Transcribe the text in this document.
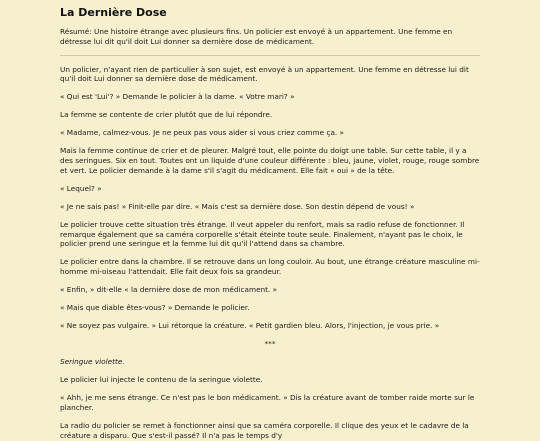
La Dernière Dose

Résumé: Une histoire étrange avec plusieurs fins. Un policier est envoyé à un appartement. Une femme en détresse lui dit qu'il doit Lui donner sa dernière dose de médicament.

Un policier, n'ayant rien de particulier à son sujet, est envoyé à un appartement. Une femme en détresse lui dit qu'il doit Lui donner sa dernière dose de médicament.

« Qui est 'Lui'? » Demande le policier à la dame. « Votre mari? »

La femme se contente de crier plutôt que de lui répondre.

« Madame, calmez-vous. Je ne peux pas vous aider si vous criez comme ça. »

Mais la femme continue de crier et de pleurer. Malgré tout, elle pointe du doigt une table. Sur cette table, il y a des seringues. Six en tout. Toutes ont un liquide d'une couleur différente : bleu, jaune, violet, rouge, rouge sombre et vert. Le policier demande à la dame s'il s'agit du médicament. Elle fait « oui » de la tête.

« Lequel? »

« Je ne sais pas! » Finit-elle par dire. « Mais c'est sa dernière dose. Son destin dépend de vous! »

Le policier trouve cette situation très étrange. Il veut appeler du renfort, mais sa radio refuse de fonctionner. Il remarque également que sa caméra corporelle s'était éteinte toute seule. Finalement, n'ayant pas le choix, le policier prend une seringue et la femme lui dit qu'il l'attend dans sa chambre.

Le policier entre dans la chambre. Il se retrouve dans un long couloir. Au bout, une étrange créature masculine mi-homme mi-oiseau l'attendait. Elle fait deux fois sa grandeur.

« Enfin, » dit-elle « la dernière dose de mon médicament. »

« Mais que diable êtes-vous? » Demande le policier.

« Ne soyez pas vulgaire. » Lui rétorque la créature. « Petit gardien bleu. Alors, l'injection, je vous prie. »

***

Seringue violette.

Le policier lui injecte le contenu de la seringue violette.

« Ahh, je me sens étrange. Ce n'est pas le bon médicament. » Dis la créature avant de tomber raide morte sur le plancher.

La radio du policier se remet à fonctionner ainsi que sa caméra corporelle. Il clique des yeux et le cadavre de la créature a disparu. Que s'est-il passé? Il n'a pas le temps d'y
